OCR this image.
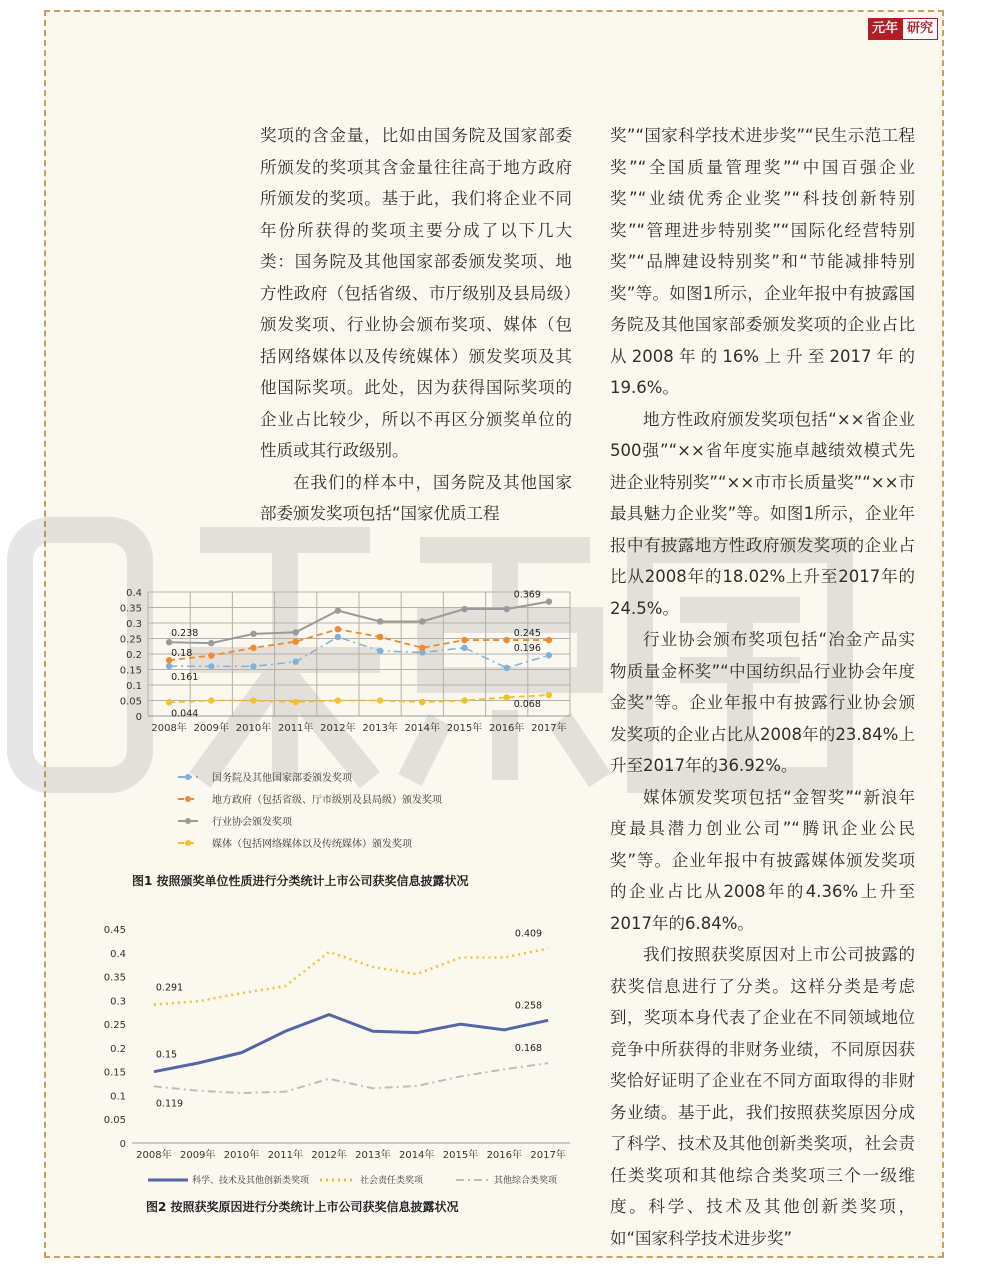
元年 研究

奖项的含金量，比如由国务院及国家部委所颁发的奖项其含金量往往高于地方政府所颁发的奖项。基于此，我们将企业不同年份所获得的奖项主要分成了以下几大类：国务院及其他国家部委颁发奖项、地方性政府（包括省级、市厅级别及县局级）颁发奖项、行业协会颁布奖项、媒体（包括网络媒体以及传统媒体）颁发奖项及其他国际奖项。此处，因为获得国际奖项的企业占比较少，所以不再区分颁奖单位的性质或其行政级别。

在我们的样本中，国务院及其他国家部委颁发奖项包括“国家优质工程

奖”“国家科学技术进步奖”“民生示范工程奖”“全国质量管理奖”“中国百强企业奖”“业绩优秀企业奖”“科技创新特别奖”“管理进步特别奖”“国际化经营特别奖”“品牌建设特别奖”和“节能减排特别奖”等。如图1所示，企业年报中有披露国务院及其他国家部委颁发奖项的企业占比从2008年的16%上升至2017年的19.6%。

地方性政府颁发奖项包括“××省企业500强”“××省年度实施卓越绩效模式先进企业特别奖”“××市市长质量奖”“××市最具魅力企业奖”等。如图1所示，企业年报中有披露地方性政府颁发奖项的企业占比从2008年的18.02%上升至2017年的24.5%。

行业协会颁布奖项包括“冶金产品实物质量金杯奖”“中国纺织品行业协会年度金奖”等。企业年报中有披露行业协会颁发奖项的企业占比从2008年的23.84%上升至2017年的36.92%。

媒体颁发奖项包括“金智奖”“新浪年度最具潜力创业公司”“腾讯企业公民奖”等。企业年报中有披露媒体颁发奖项的企业占比从2008年的4.36%上升至2017年的6.84%。

我们按照获奖原因对上市公司披露的获奖信息进行了分类。这样分类是考虑到，奖项本身代表了企业在不同领域地位竞争中所获得的非财务业绩，不同原因获奖恰好证明了企业在不同方面取得的非财务业绩。基于此，我们按照获奖原因分成了科学、技术及其他创新类奖项，社会责任类奖项和其他综合类奖项三个一级维度。科学、技术及其他创新类奖项，如“国家科学技术进步奖”

0
0.05
0.1
0.15
0.2
0.25
0.3
0.35
0.4
2008年 2009年 2010年 2011年 2012年 2013年 2014年 2015年 2016年 2017年
0.238
0.18
0.161
0.044
0.369
0.245
0.196
0.068
国务院及其他国家部委颁发奖项
地方政府（包括省级、厅市级别及县局级）颁发奖项
行业协会颁发奖项
媒体（包括网络媒体以及传统媒体）颁发奖项
图1 按照颁奖单位性质进行分类统计上市公司获奖信息披露状况
0
0.05
0.1
0.15
0.2
0.25
0.3
0.35
0.4
0.45
2008年 2009年 2010年 2011年 2012年 2013年 2014年 2015年 2016年 2017年
0.291
0.15
0.119
0.409
0.258
0.168
科学、技术及其他创新类奖项	社会责任类奖项	其他综合类奖项
图2 按照获奖原因进行分类统计上市公司获奖信息披露状况
